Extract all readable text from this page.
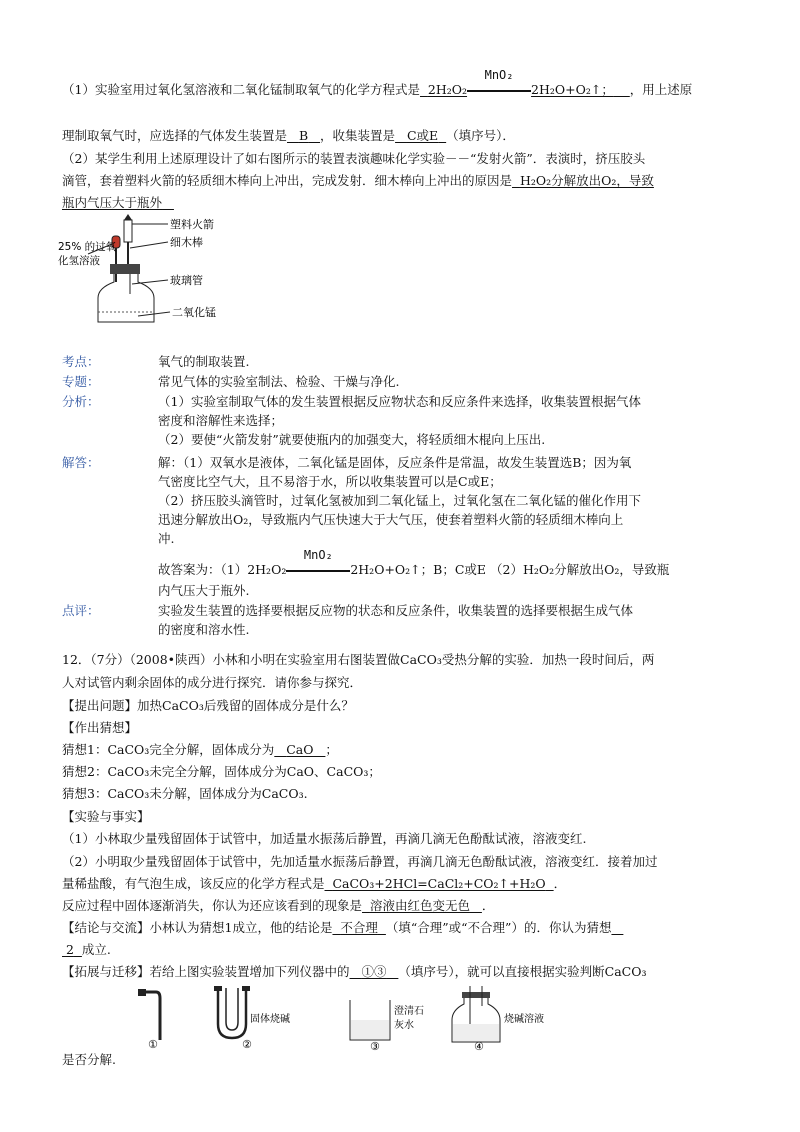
（1）实验室用过氧化氢溶液和二氧化锰制取氧气的化学方程式是 2H₂O₂
MnO₂
2H₂O+O₂↑； ，用上述原
理制取氧气时，应选择的气体发生装置是 B ，收集装置是 C或E （填序号）．
（2）某学生利用上述原理设计了如右图所示的装置表演趣味化学实验－－“发射火箭”．表演时，挤压胶头
滴管，套着塑料火箭的轻质细木棒向上冲出，完成发射．细木棒向上冲出的原因是 H₂O₂分解放出O₂，导致
瓶内气压大于瓶外
塑料火箭
25% 的过氧
化氢溶液
细木棒
玻璃管
二氧化锰
考点：	氧气的制取装置.
专题：	常见气体的实验室制法、检验、干燥与净化.
分析：	（1）实验室制取气体的发生装置根据反应物状态和反应条件来选择，收集装置根据气体
密度和溶解性来选择；
（2）要使“火箭发射”就要使瓶内的加强变大，将轻质细木棍向上压出.
解答：	解：（1）双氧水是液体，二氧化锰是固体，反应条件是常温，故发生装置选B；因为氧
气密度比空气大，且不易溶于水，所以收集装置可以是C或E；
（2）挤压胶头滴管时，过氧化氢被加到二氧化锰上，过氧化氢在二氧化锰的催化作用下
迅速分解放出O₂，导致瓶内气压快速大于大气压，使套着塑料火箭的轻质细木棒向上
冲.
故答案为：（1）2H₂O₂
MnO₂
2H₂O+O₂↑；B；C或E （2）H₂O₂分解放出O₂，导致瓶
内气压大于瓶外.
点评：	实验发生装置的选择要根据反应物的状态和反应条件，收集装置的选择要根据生成气体
的密度和溶水性.
12．（7分）（2008•陕西）小林和小明在实验室用右图装置做CaCO₃受热分解的实验．加热一段时间后，两
人对试管内剩余固体的成分进行探究．请你参与探究．
【提出问题】加热CaCO₃后残留的固体成分是什么？
【作出猜想】
猜想1：CaCO₃完全分解，固体成分为 CaO ；
猜想2：CaCO₃未完全分解，固体成分为CaO、CaCO₃；
猜想3：CaCO₃未分解，固体成分为CaCO₃.
【实验与事实】
（1）小林取少量残留固体于试管中，加适量水振荡后静置，再滴几滴无色酚酞试液，溶液变红.
（2）小明取少量残留固体于试管中，先加适量水振荡后静置，再滴几滴无色酚酞试液，溶液变红．接着加过
量稀盐酸，有气泡生成，该反应的化学方程式是 CaCO₃+2HCl=CaCl₂+CO₂↑+H₂O ．
反应过程中固体逐渐消失，你认为还应该看到的现象是 溶液由红色变无色 ．
【结论与交流】小林认为猜想1成立，他的结论是 不合理 （填“合理”或“不合理”）的．你认为猜想
2 成立.
【拓展与迁移】若给上图实验装置增加下列仪器中的 ①③ （填序号），就可以直接根据实验判断CaCO₃
①
固体烧碱
②
澄清石
灰水
③
烧碱溶液
④
是否分解.
